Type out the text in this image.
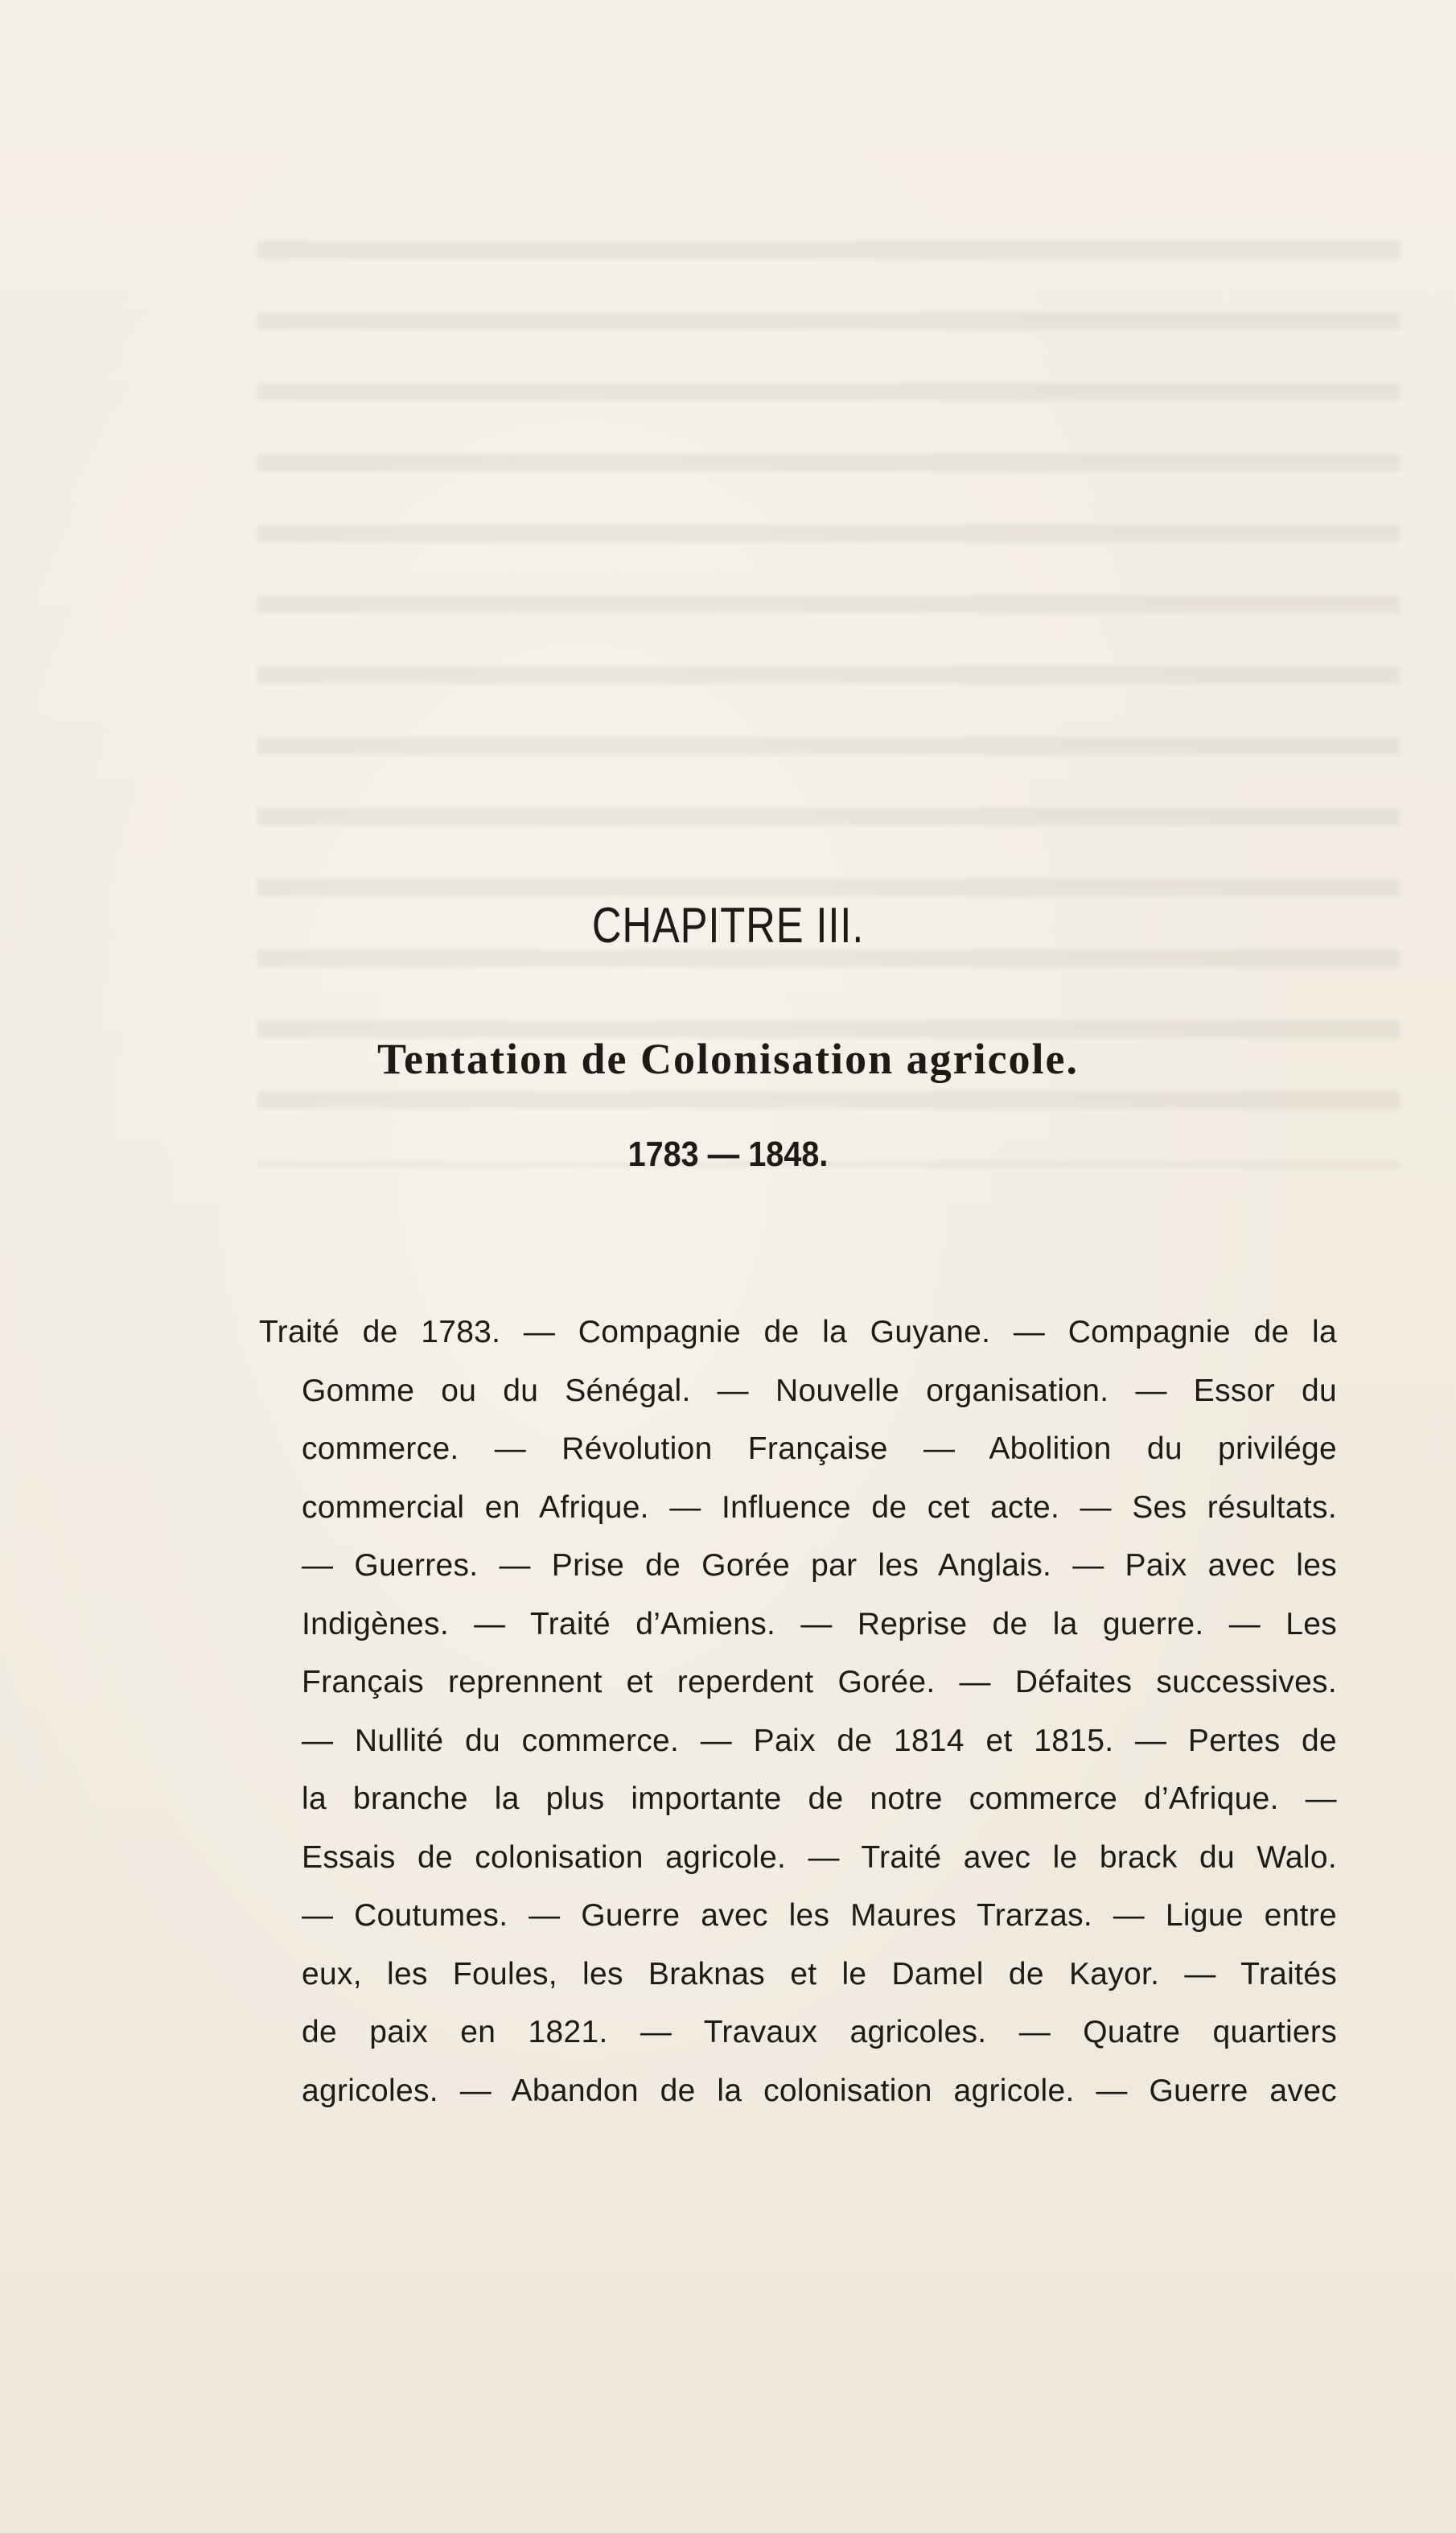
CHAPITRE III.
Tentation de Colonisation agricole.
1783 — 1848.
Traité de 1783. — Compagnie de la Guyane. — Compagnie de la
Gomme ou du Sénégal. — Nouvelle organisation. — Essor du
commerce. — Révolution Française — Abolition du privilége
commercial en Afrique. — Influence de cet acte. — Ses résultats.
— Guerres. — Prise de Gorée par les Anglais. — Paix avec les
Indigènes. — Traité d’Amiens. — Reprise de la guerre. — Les
Français reprennent et reperdent Gorée. — Défaites successives.
— Nullité du commerce. — Paix de 1814 et 1815. — Pertes de
la branche la plus importante de notre commerce d’Afrique. —
Essais de colonisation agricole. — Traité avec le brack du Walo.
— Coutumes. — Guerre avec les Maures Trarzas. — Ligue entre
eux, les Foules, les Braknas et le Damel de Kayor. — Traités
de paix en 1821. — Travaux agricoles. — Quatre quartiers
agricoles. — Abandon de la colonisation agricole. — Guerre avec
